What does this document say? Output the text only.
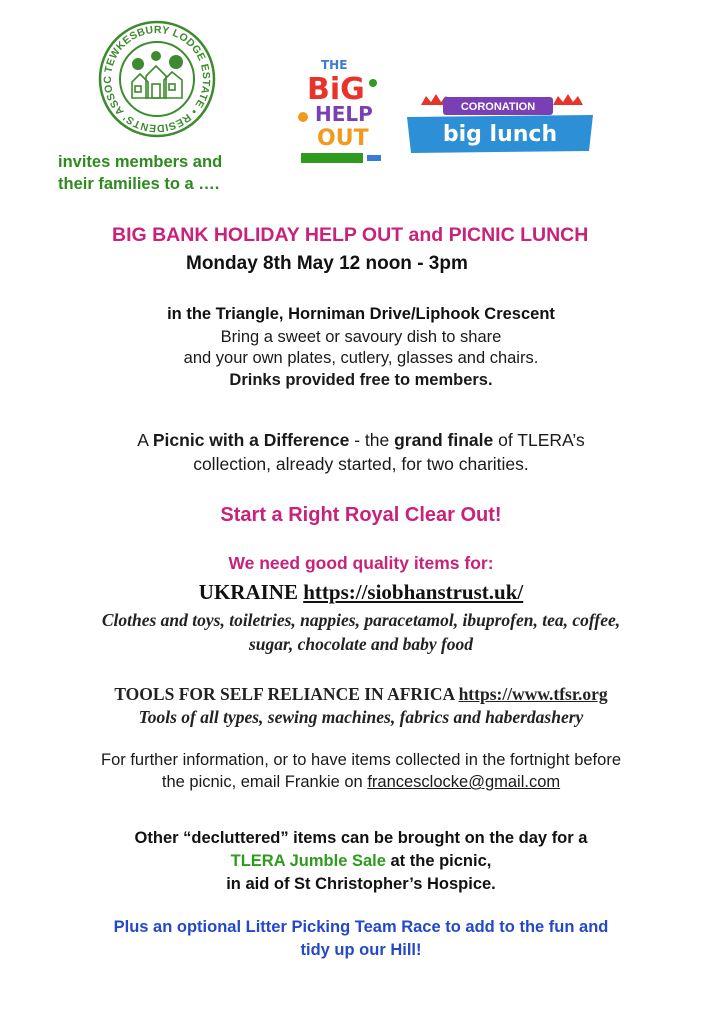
TEWKESBURY LODGE ESTATE • RESIDENTS' ASSOC
THE
BiG
HELP
OUT
CORONATION
big lunch
invites members and
their families to a ….
BIG BANK HOLIDAY HELP OUT and PICNIC LUNCH
Monday 8th May 12 noon - 3pm
in the Triangle, Horniman Drive/Liphook Crescent
Bring a sweet or savoury dish to share
and your own plates, cutlery, glasses and chairs.
Drinks provided free to members.
A Picnic with a Difference - the grand finale of TLERA’s
collection, already started, for two charities.
Start a Right Royal Clear Out!
We need good quality items for:
UKRAINE https://siobhanstrust.uk/
Clothes and toys, toiletries, nappies, paracetamol, ibuprofen, tea, coffee,
sugar, chocolate and baby food
TOOLS FOR SELF RELIANCE IN AFRICA https://www.tfsr.org
Tools of all types, sewing machines, fabrics and haberdashery
For further information, or to have items collected in the fortnight before
the picnic, email Frankie on francesclocke@gmail.com
Other “decluttered” items can be brought on the day for a
TLERA Jumble Sale at the picnic,
in aid of St Christopher’s Hospice.
Plus an optional Litter Picking Team Race to add to the fun and
tidy up our Hill!
